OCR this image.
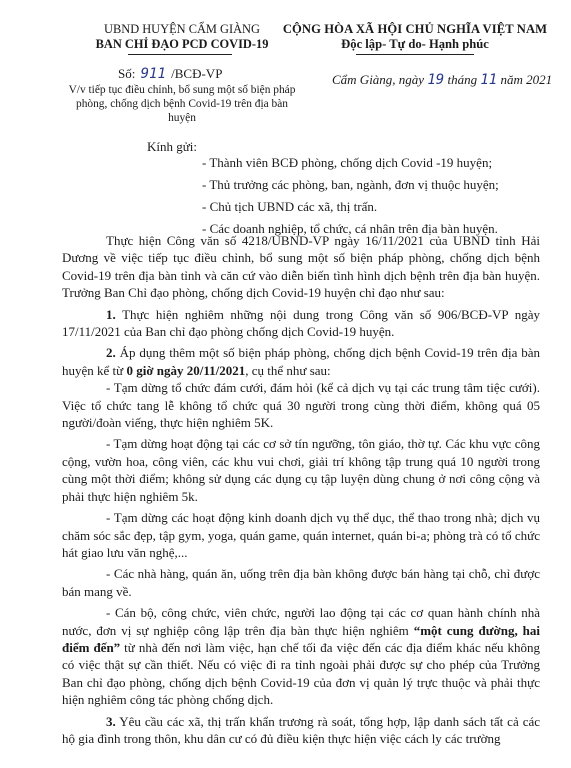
UBND HUYỆN CẨM GIÀNG
BAN CHỈ ĐẠO PCD COVID-19
CỘNG HÒA XÃ HỘI CHỦ NGHĨA VIỆT NAM
Độc lập- Tự do- Hạnh phúc
Số: 911 /BCĐ-VP
V/v tiếp tục điều chỉnh, bổ sung một số biện pháp phòng, chống dịch bệnh Covid-19 trên địa bàn huyện
Cẩm Giàng, ngày 19 tháng 11 năm 2021
Kính gửi:
- Thành viên BCĐ phòng, chống dịch Covid -19 huyện;
- Thủ trưởng các phòng, ban, ngành, đơn vị thuộc huyện;
- Chủ tịch UBND các xã, thị trấn.
- Các doanh nghiệp, tổ chức, cá nhân trên địa bàn huyện.

Thực hiện Công văn số 4218/UBND-VP ngày 16/11/2021 của UBND tỉnh Hải Dương về việc tiếp tục điều chỉnh, bổ sung một số biện pháp phòng, chống dịch bệnh Covid-19 trên địa bàn tỉnh và căn cứ vào diễn biến tình hình dịch bệnh trên địa bàn huyện. Trưởng Ban Chỉ đạo phòng, chống dịch Covid-19 huyện chỉ đạo như sau:

1. Thực hiện nghiêm những nội dung trong Công văn số 906/BCĐ-VP ngày 17/11/2021 của Ban chỉ đạo phòng chống dịch Covid-19 huyện.

2. Áp dụng thêm một số biện pháp phòng, chống dịch bệnh Covid-19 trên địa bàn huyện kể từ 0 giờ ngày 20/11/2021, cụ thể như sau:

- Tạm dừng tổ chức đám cưới, đám hỏi (kể cả dịch vụ tại các trung tâm tiệc cưới). Việc tổ chức tang lễ không tổ chức quá 30 người trong cùng thời điểm, không quá 05 người/đoàn viếng, thực hiện nghiêm 5K.

- Tạm dừng hoạt động tại các cơ sở tín ngưỡng, tôn giáo, thờ tự. Các khu vực công cộng, vườn hoa, công viên, các khu vui chơi, giải trí không tập trung quá 10 người trong cùng một thời điểm; không sử dụng các dụng cụ tập luyện dùng chung ở nơi công cộng và phải thực hiện nghiêm 5k.

- Tạm dừng các hoạt động kinh doanh dịch vụ thể dục, thể thao trong nhà; dịch vụ chăm sóc sắc đẹp, tập gym, yoga, quán game, quán internet, quán bi-a; phòng trà có tổ chức hát giao lưu văn nghệ,...

- Các nhà hàng, quán ăn, uống trên địa bàn không được bán hàng tại chỗ, chỉ được bán mang về.

- Cán bộ, công chức, viên chức, người lao động tại các cơ quan hành chính nhà nước, đơn vị sự nghiệp công lập trên địa bàn thực hiện nghiêm “một cung đường, hai điểm đến” từ nhà đến nơi làm việc, hạn chế tối đa việc đến các địa điểm khác nếu không có việc thật sự cần thiết. Nếu có việc đi ra tỉnh ngoài phải được sự cho phép của Trưởng Ban chỉ đạo phòng, chống dịch bệnh Covid-19 của đơn vị quản lý trực thuộc và phải thực hiện nghiêm công tác phòng chống dịch.

3. Yêu cầu các xã, thị trấn khẩn trương rà soát, tổng hợp, lập danh sách tất cả các hộ gia đình trong thôn, khu dân cư có đủ điều kiện thực hiện việc cách ly các trường
